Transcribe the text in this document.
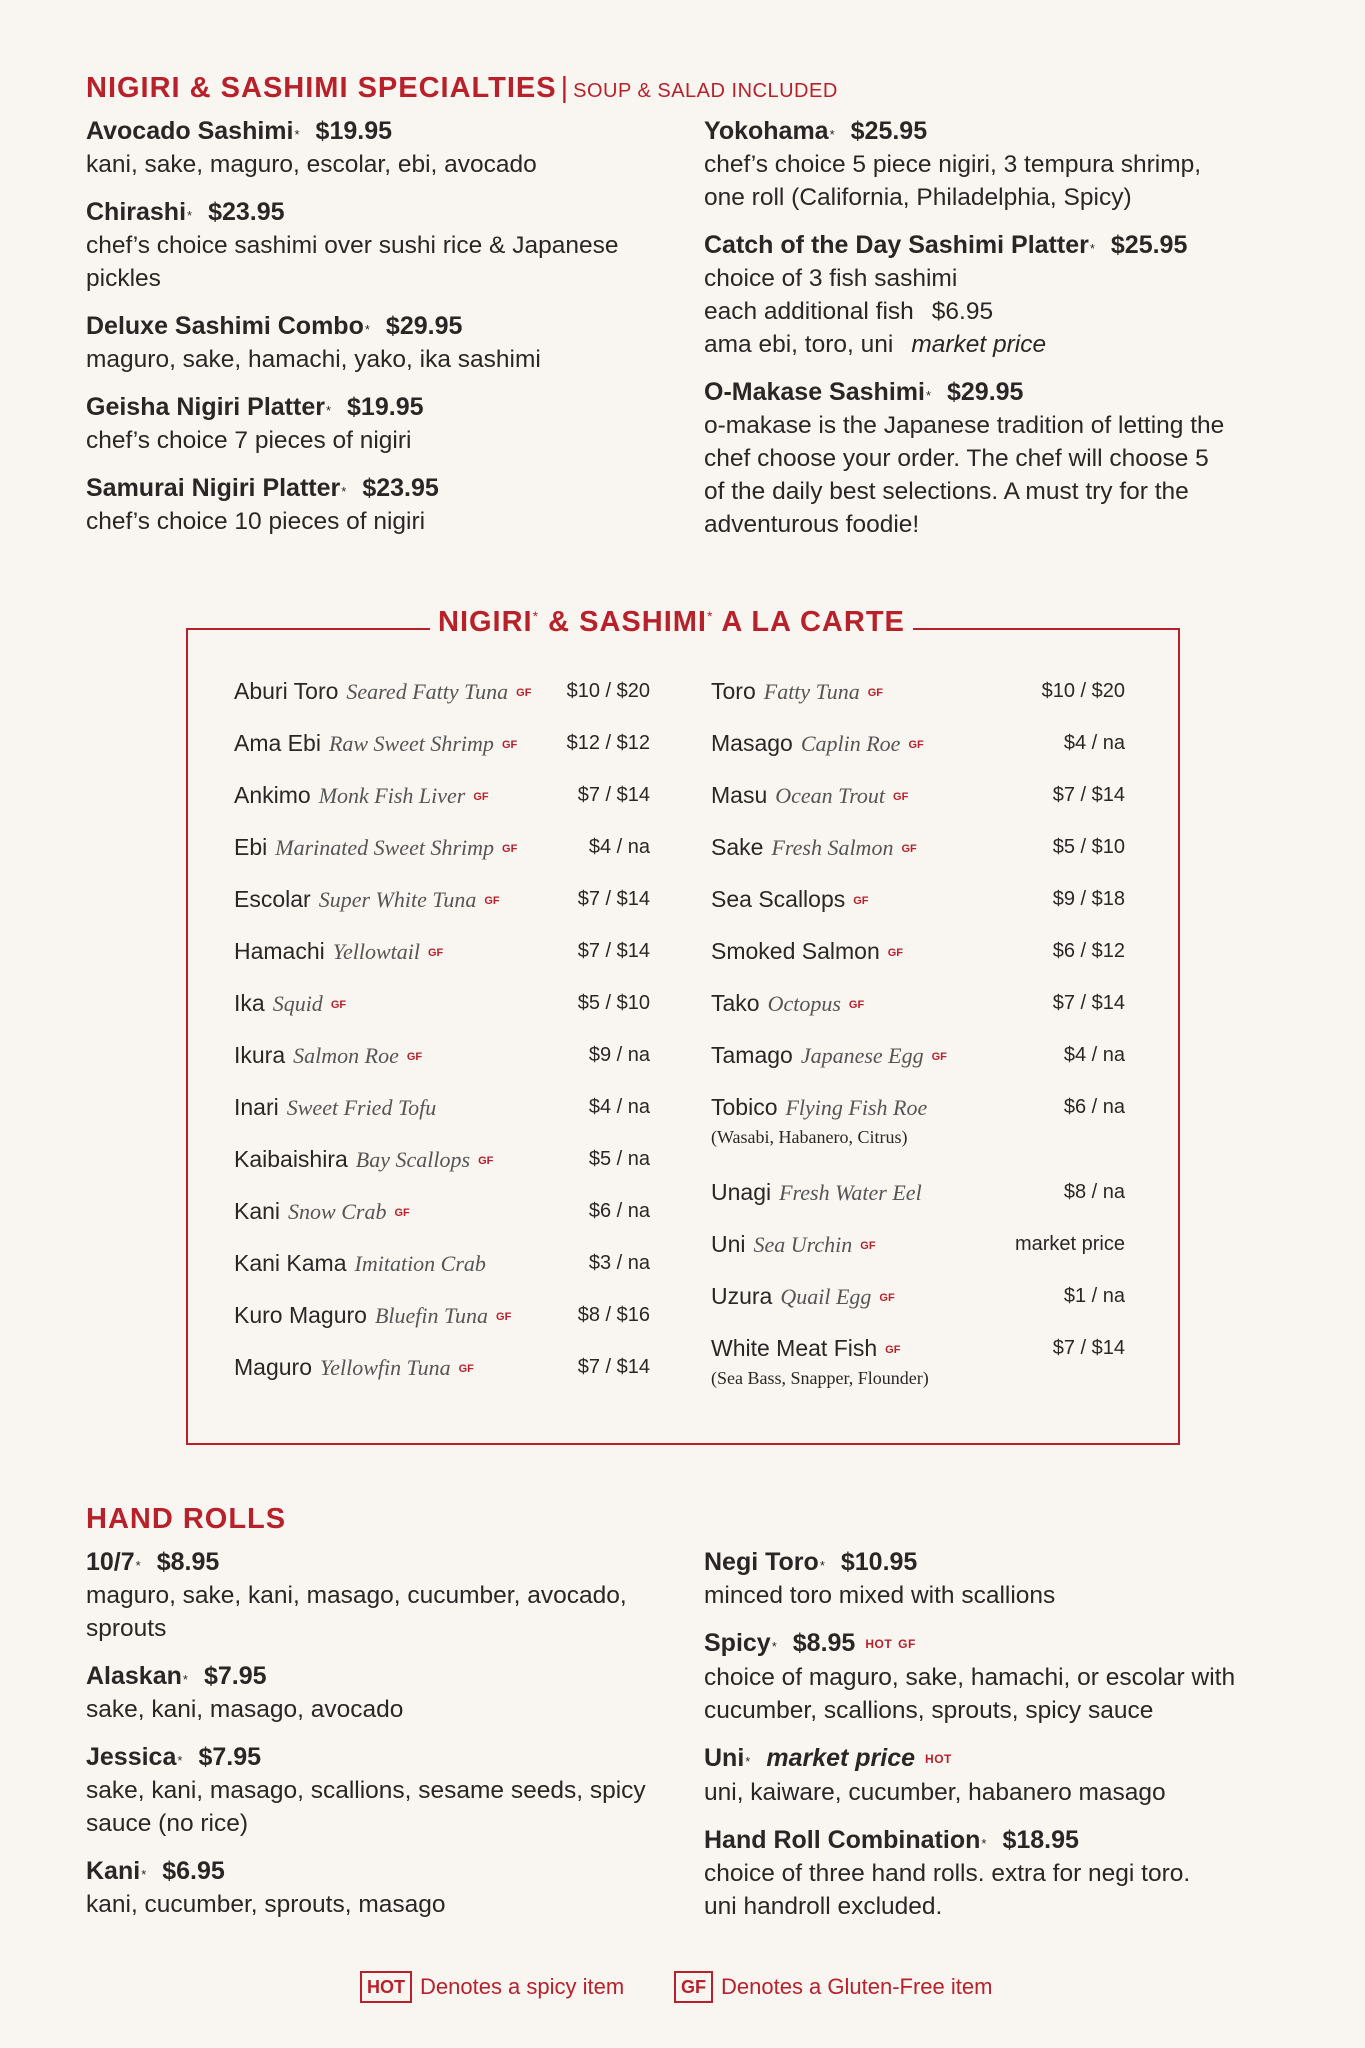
NIGIRI & SASHIMI SPECIALTIES | SOUP & SALAD INCLUDED
Avocado Sashimi* $19.95
kani, sake, maguro, escolar, ebi, avocado
Chirashi* $23.95
chef’s choice sashimi over sushi rice & Japanese
pickles
Deluxe Sashimi Combo* $29.95
maguro, sake, hamachi, yako, ika sashimi
Geisha Nigiri Platter* $19.95
chef’s choice 7 pieces of nigiri
Samurai Nigiri Platter* $23.95
chef’s choice 10 pieces of nigiri
Yokohama* $25.95
chef’s choice 5 piece nigiri, 3 tempura shrimp,
one roll (California, Philadelphia, Spicy)
Catch of the Day Sashimi Platter* $25.95
choice of 3 fish sashimi
each additional fish $6.95
ama ebi, toro, uni market price
O-Makase Sashimi* $29.95
o-makase is the Japanese tradition of letting the
chef choose your order. The chef will choose 5
of the daily best selections. A must try for the
adventurous foodie!
NIGIRI* & SASHIMI* A LA CARTE
Aburi Toro Seared Fatty Tuna GF $10 / $20
Ama Ebi Raw Sweet Shrimp GF $12 / $12
Ankimo Monk Fish Liver GF	$7 / $14
Ebi Marinated Sweet Shrimp GF	$4 / na
Escolar Super White Tuna GF	$7 / $14
Hamachi Yellowtail GF	$7 / $14
Ika Squid GF	$5 / $10
Ikura Salmon Roe GF	$9 / na
Inari Sweet Fried Tofu	$4 / na
Kaibaishira Bay Scallops GF	$5 / na
Kani Snow Crab GF	$6 / na
Kani Kama Imitation Crab	$3 / na
Kuro Maguro Bluefin Tuna GF	$8 / $16
Maguro Yellowfin Tuna GF	$7 / $14
Toro Fatty Tuna GF	$10 / $20
Masago Caplin Roe GF	$4 / na
Masu Ocean Trout GF	$7 / $14
Sake Fresh Salmon GF	$5 / $10
Sea Scallops GF	$9 / $18
Smoked Salmon GF	$6 / $12
Tako Octopus GF	$7 / $14
Tamago Japanese Egg GF	$4 / na
Tobico Flying Fish Roe	$6 / na
(Wasabi, Habanero, Citrus)
Unagi Fresh Water Eel	$8 / na
Uni Sea Urchin GF	market price
Uzura Quail Egg GF	$1 / na
White Meat Fish GF	$7 / $14
(Sea Bass, Snapper, Flounder)
HAND ROLLS
10/7* $8.95
maguro, sake, kani, masago, cucumber, avocado,
sprouts
Alaskan* $7.95
sake, kani, masago, avocado
Jessica* $7.95
sake, kani, masago, scallions, sesame seeds, spicy
sauce (no rice)
Kani* $6.95
kani, cucumber, sprouts, masago
Negi Toro* $10.95
minced toro mixed with scallions
Spicy* $8.95 HOT GF
choice of maguro, sake, hamachi, or escolar with
cucumber, scallions, sprouts, spicy sauce
Uni* market price HOT
uni, kaiware, cucumber, habanero masago
Hand Roll Combination* $18.95
choice of three hand rolls. extra for negi toro.
uni handroll excluded.
HOT Denotes a spicy item	GF Denotes a Gluten-Free item
